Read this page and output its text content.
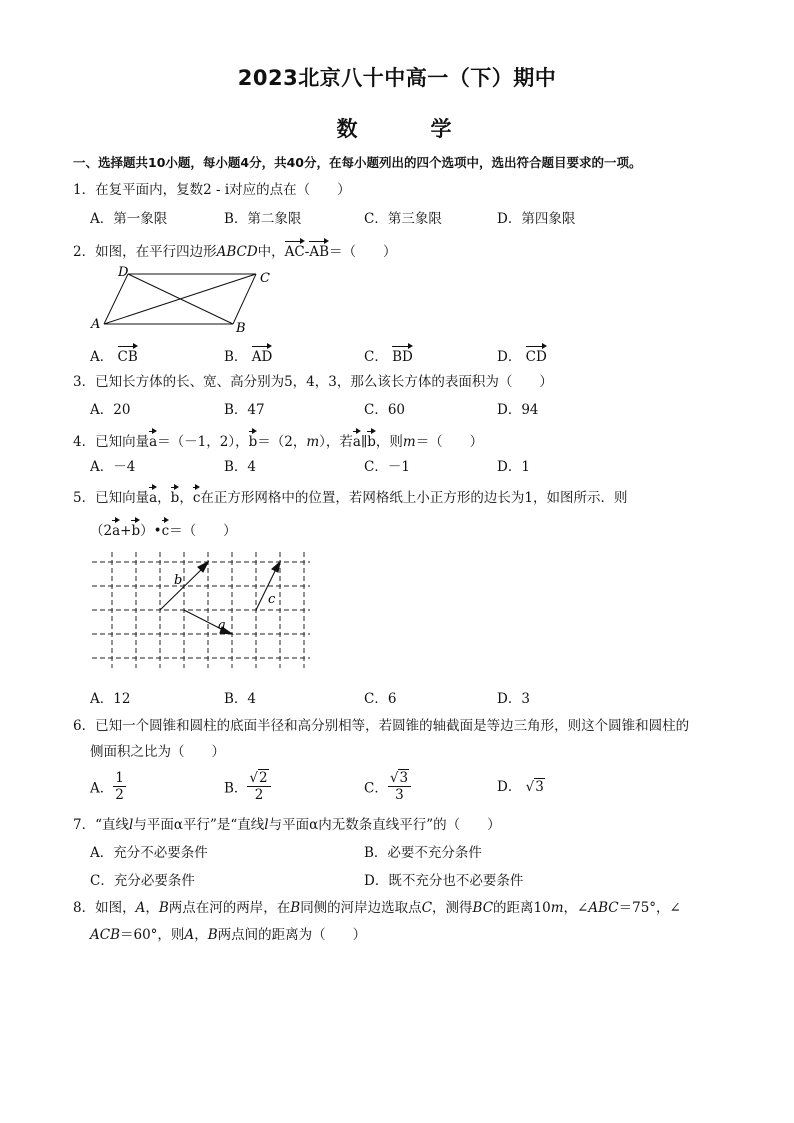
2023北京八十中高一（下）期中
数　学
一、选择题共10小题，每小题4分，共40分，在每小题列出的四个选项中，选出符合题目要求的一项。
1．在复平面内，复数2 - i对应的点在（　　）
A．第一象限	B．第二象限	C．第三象限	D．第四象限
2．如图，在平行四边形ABCD中，AC-AB＝（　　）
D	C
A	B
A． CB	B． AD	C． BD	D． CD
3．已知长方体的长、宽、高分别为5，4，3，那么该长方体的表面积为（　　）
A．20	B．47	C．60	D．94
4．已知向量a＝（－1，2），b＝（2，m），若a∥b，则m＝（　　）
A．－4	B．4	C．－1	D．1
5．已知向量a，b，c在正方形网格中的位置，若网格纸上小正方形的边长为1，如图所示．则
（2a+b）•c＝（　　）
b
c
a
A．12	B．4	C．6	D．3
6．已知一个圆锥和圆柱的底面半径和高分别相等，若圆锥的轴截面是等边三角形，则这个圆锥和圆柱的
侧面积之比为（　　）
A． $\frac{1}{2}$	B． $\frac{√2}{2}$	C． $\frac{√3}{3}$	D． √3
7．“直线l与平面α平行”是“直线l与平面α内无数条直线平行”的（　　）
A．充分不必要条件	B．必要不充分条件
C．充分必要条件	D．既不充分也不必要条件
8．如图，A，B两点在河的两岸，在B同侧的河岸边选取点C，测得BC的距离10m，∠ABC＝75°，∠
ACB＝60°，则A，B两点间的距离为（　　）
